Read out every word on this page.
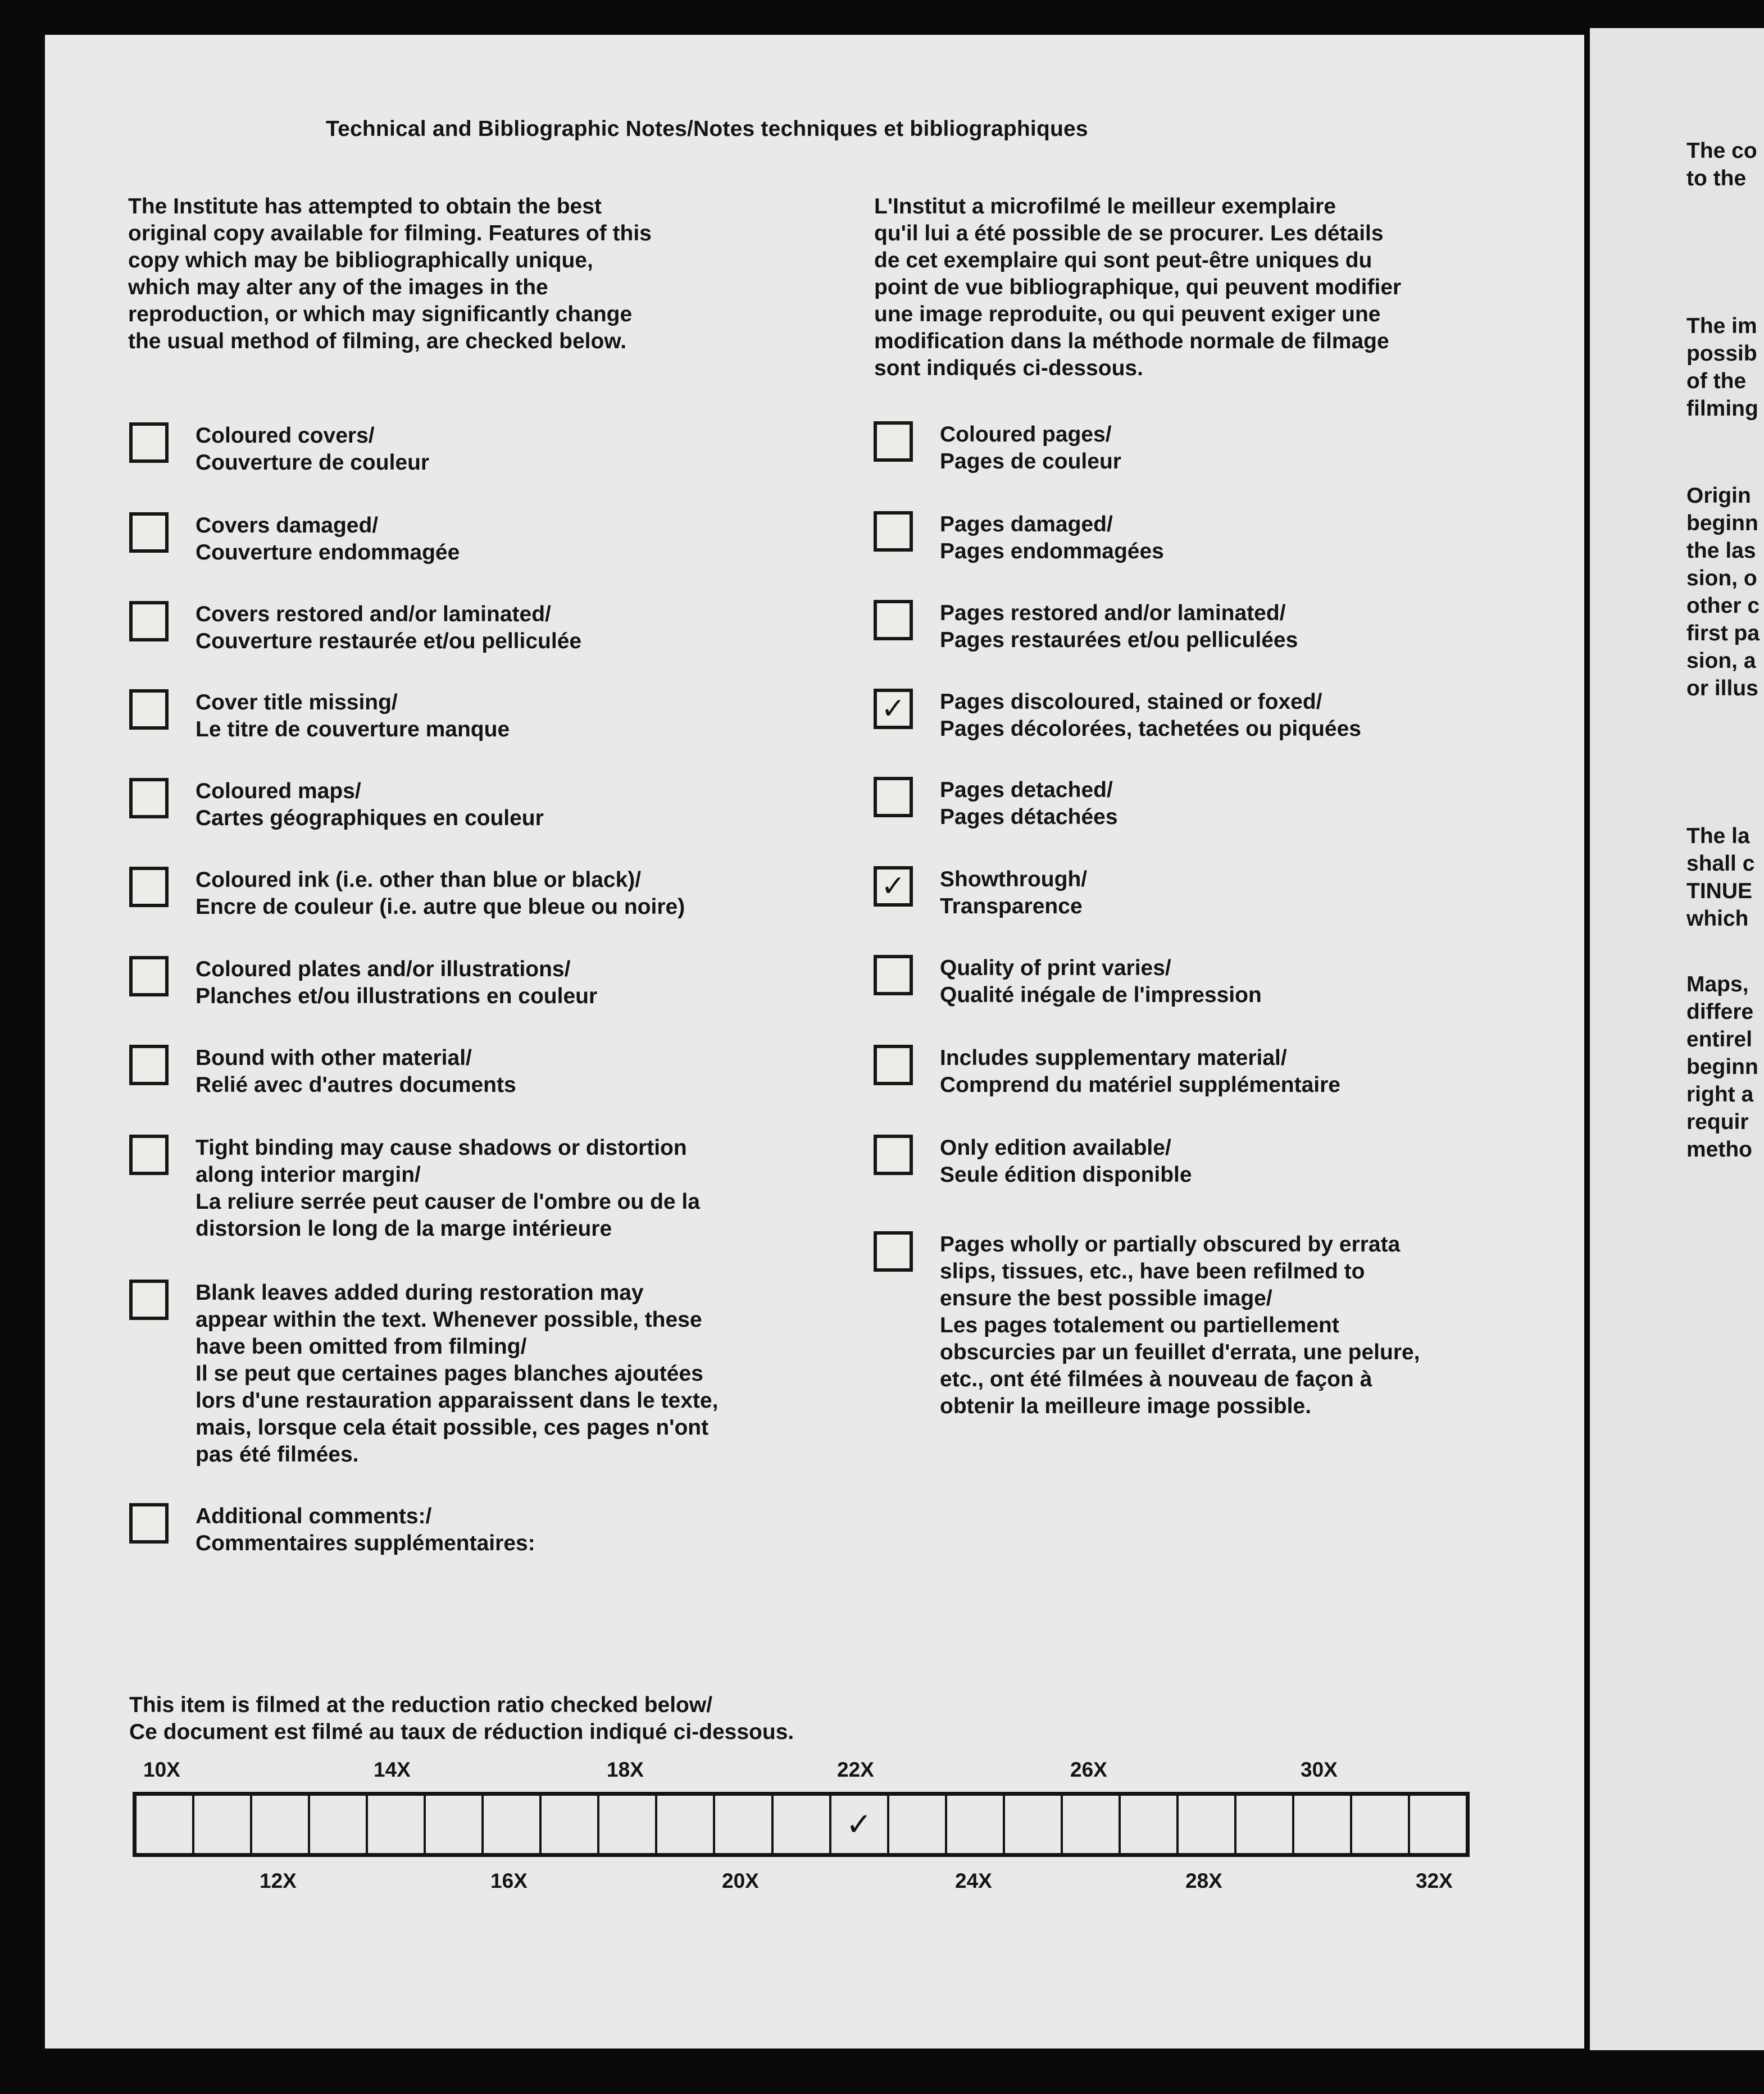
Technical and Bibliographic Notes/Notes techniques et bibliographiques

The Institute has attempted to obtain the best

original copy available for filming. Features of this

copy which may be bibliographically unique,

which may alter any of the images in the

reproduction, or which may significantly change

the usual method of filming, are checked below.

L'Institut a microfilmé le meilleur exemplaire

qu'il lui a été possible de se procurer. Les détails

de cet exemplaire qui sont peut-être uniques du

point de vue bibliographique, qui peuvent modifier

une image reproduite, ou qui peuvent exiger une

modification dans la méthode normale de filmage

sont indiqués ci-dessous.

Coloured covers/
Couverture de couleur
Covers damaged/
Couverture endommagée
Covers restored and/or laminated/
Couverture restaurée et/ou pelliculée
Cover title missing/
Le titre de couverture manque
Coloured maps/
Cartes géographiques en couleur
Coloured ink (i.e. other than blue or black)/
Encre de couleur (i.e. autre que bleue ou noire)
Coloured plates and/or illustrations/
Planches et/ou illustrations en couleur
Bound with other material/
Relié avec d'autres documents
Tight binding may cause shadows or distortion
along interior margin/
La reliure serrée peut causer de l'ombre ou de la
distorsion le long de la marge intérieure
Blank leaves added during restoration may
appear within the text. Whenever possible, these
have been omitted from filming/
Il se peut que certaines pages blanches ajoutées
lors d'une restauration apparaissent dans le texte,
mais, lorsque cela était possible, ces pages n'ont
pas été filmées.
Additional comments:/
Commentaires supplémentaires:
Coloured pages/
Pages de couleur
Pages damaged/
Pages endommagées
Pages restored and/or laminated/
Pages restaurées et/ou pelliculées
✓ Pages discoloured, stained or foxed/
Pages décolorées, tachetées ou piquées
Pages detached/
Pages détachées
✓ Showthrough/
Transparence
Quality of print varies/
Qualité inégale de l'impression
Includes supplementary material/
Comprend du matériel supplémentaire
Only edition available/
Seule édition disponible
Pages wholly or partially obscured by errata
slips, tissues, etc., have been refilmed to
ensure the best possible image/
Les pages totalement ou partiellement
obscurcies par un feuillet d'errata, une pelure,
etc., ont été filmées à nouveau de façon à
obtenir la meilleure image possible.
This item is filmed at the reduction ratio checked below/
Ce document est filmé au taux de réduction indiqué ci-dessous.
10X	14X	18X	22X	26X	30X
✓
12X	16X	20X	24X	28X	32X
The co
to the
The im
possib
of the
filming
Origin
beginn
the las
sion, o
other c
first pa
sion, a
or illus
The la
shall c
TINUE
which
Maps,
differe
entirel
beginn
right a
requir
metho
